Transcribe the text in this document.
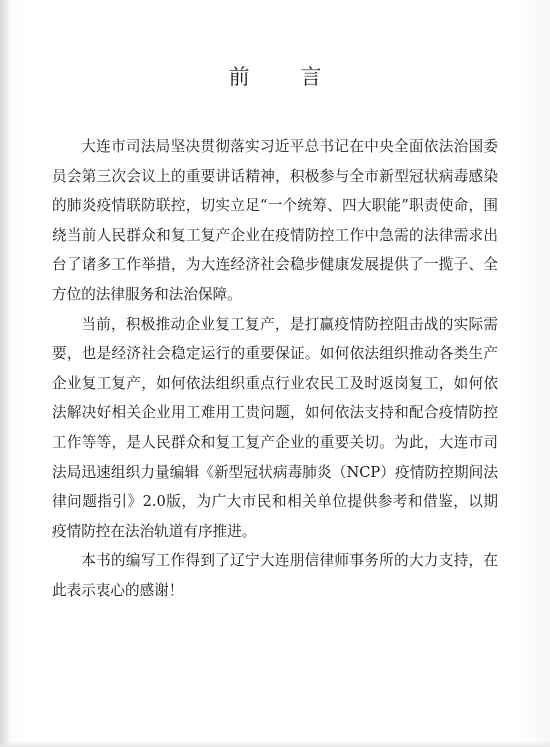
前 言

大连市司法局坚决贯彻落实习近平总书记在中央全面依法治国委员会第三次会议上的重要讲话精神，积极参与全市新型冠状病毒感染的肺炎疫情联防联控，切实立足“一个统筹、四大职能”职责使命，围绕当前人民群众和复工复产企业在疫情防控工作中急需的法律需求出台了诸多工作举措，为大连经济社会稳步健康发展提供了一揽子、全方位的法律服务和法治保障。

当前，积极推动企业复工复产，是打赢疫情防控阻击战的实际需要，也是经济社会稳定运行的重要保证。如何依法组织推动各类生产企业复工复产，如何依法组织重点行业农民工及时返岗复工，如何依法解决好相关企业用工难用工贵问题，如何依法支持和配合疫情防控工作等等，是人民群众和复工复产企业的重要关切。为此，大连市司法局迅速组织力量编辑《新型冠状病毒肺炎（NCP）疫情防控期间法律问题指引》2.0版，为广大市民和相关单位提供参考和借鉴，以期疫情防控在法治轨道有序推进。

本书的编写工作得到了辽宁大连朋信律师事务所的大力支持，在此表示衷心的感谢！
